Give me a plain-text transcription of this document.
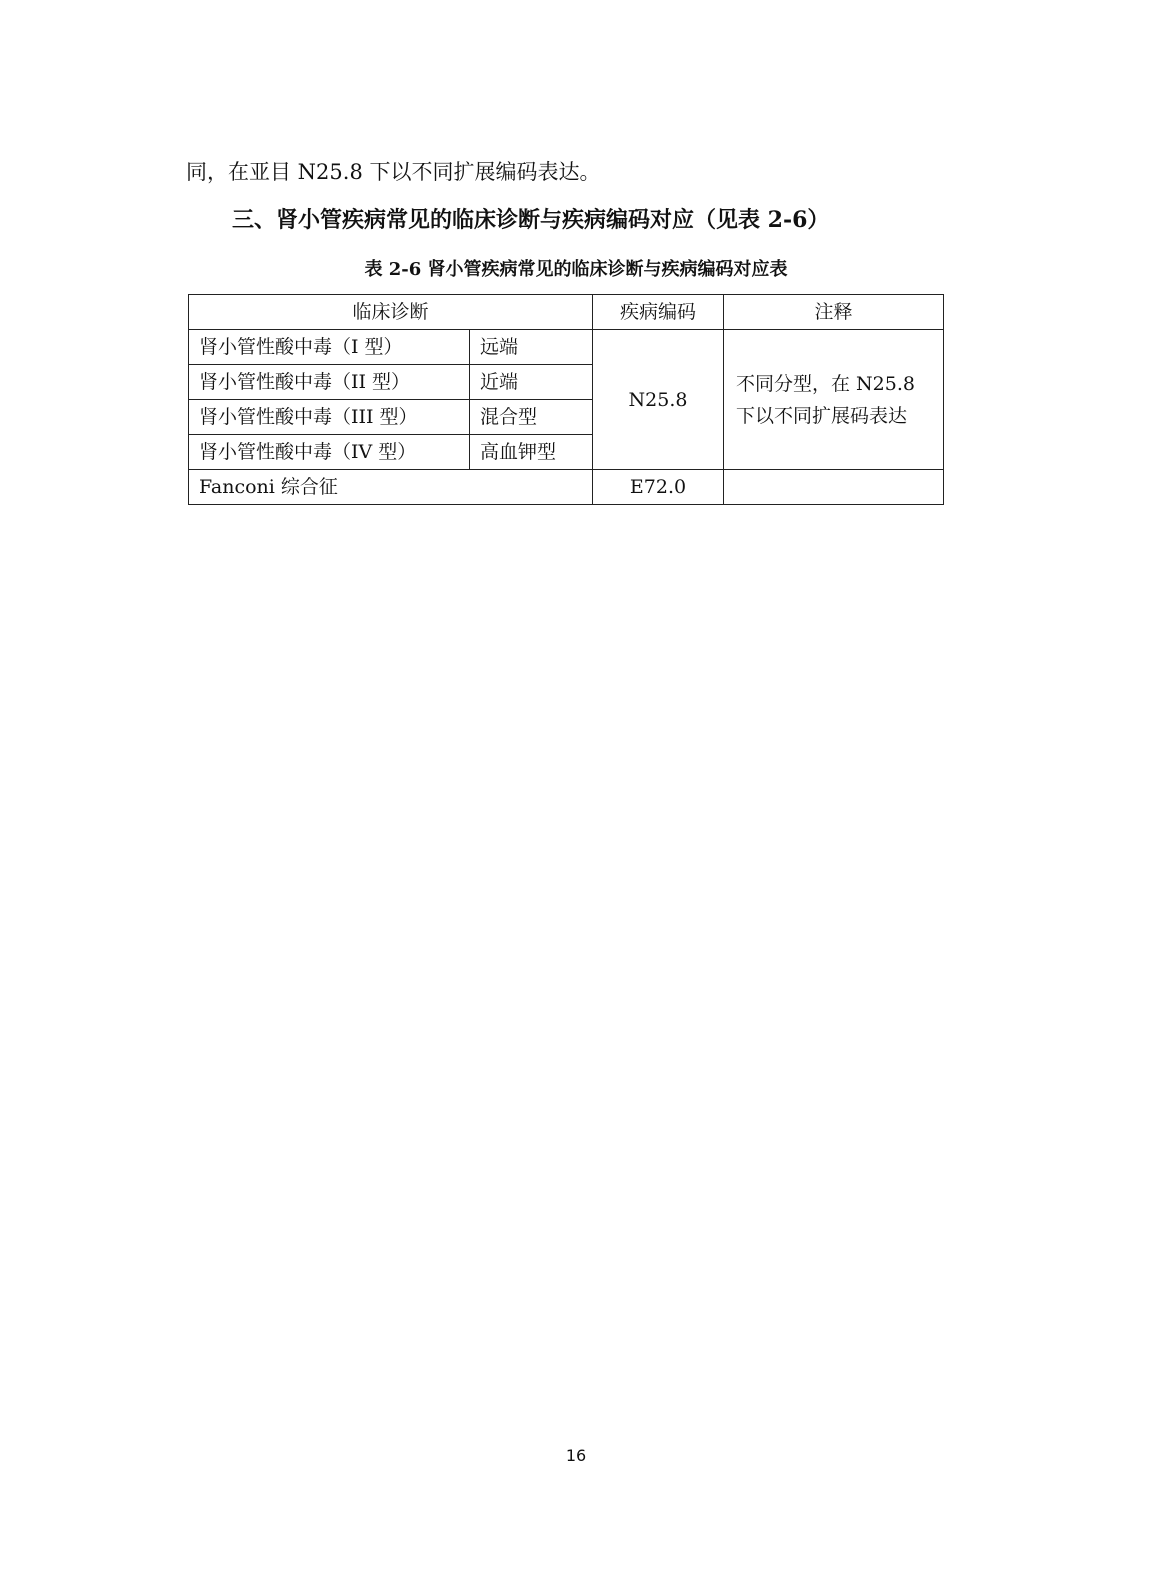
同，在亚目 N25.8 下以不同扩展编码表达。
三、肾小管疾病常见的临床诊断与疾病编码对应（见表 2-6）
表 2-6 肾小管疾病常见的临床诊断与疾病编码对应表
临床诊断		疾病编码	注释
肾小管性酸中毒（I 型）	远端	N25.8	不同分型，在 N25.8 下以不同扩展码表达
肾小管性酸中毒（II 型）	近端		
肾小管性酸中毒（III 型）	混合型		
肾小管性酸中毒（IV 型）	高血钾型		
Fanconi 综合征		E72.0	
16
